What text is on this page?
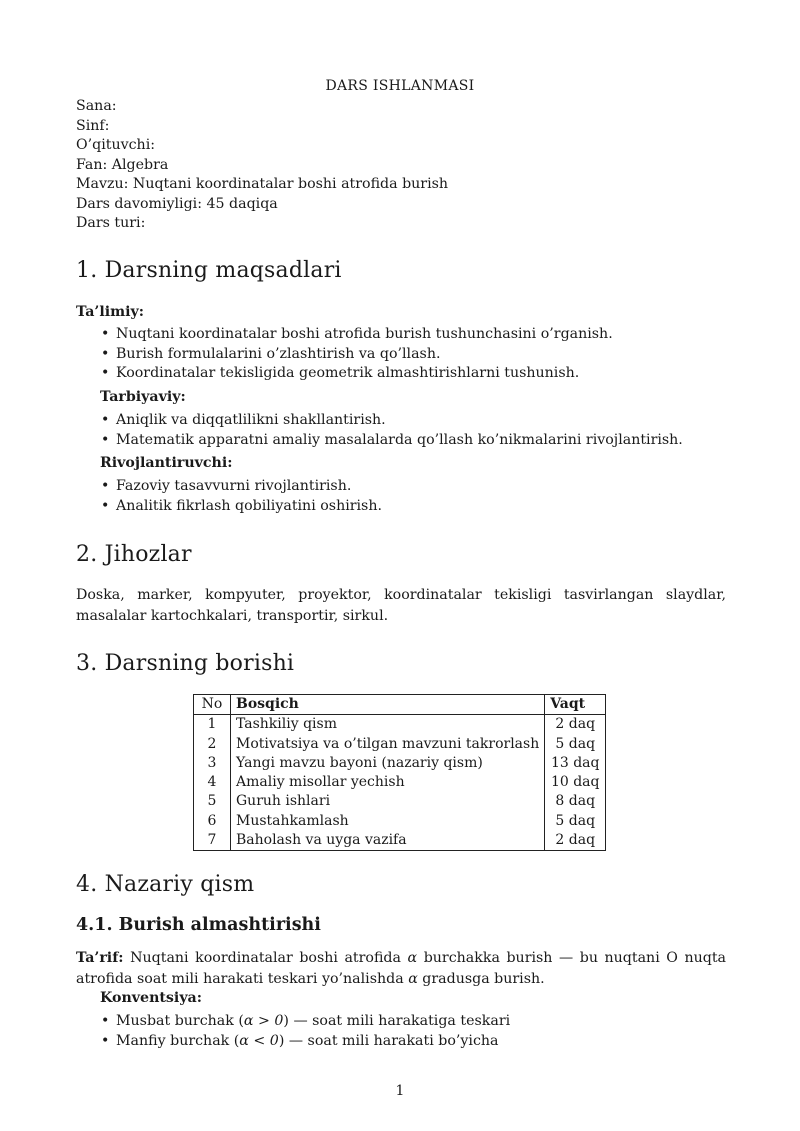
DARS ISHLANMASI
Sana:
Sinf:
O’qituvchi:
Fan: Algebra
Mavzu: Nuqtani koordinatalar boshi atrofida burish
Dars davomiyligi: 45 daqiqa
Dars turi:
1. Darsning maqsadlari
Ta’limiy:
• Nuqtani koordinatalar boshi atrofida burish tushunchasini o’rganish.
• Burish formulalarini o’zlashtirish va qo’llash.
• Koordinatalar tekisligida geometrik almashtirishlarni tushunish.
Tarbiyaviy:
• Aniqlik va diqqatlilikni shakllantirish.
• Matematik apparatni amaliy masalalarda qo’llash ko’nikmalarini rivojlantirish.
Rivojlantiruvchi:
• Fazoviy tasavvurni rivojlantirish.
• Analitik fikrlash qobiliyatini oshirish.
2. Jihozlar
Doska, marker, kompyuter, proyektor, koordinatalar tekisligi tasvirlangan slaydlar, masalalar kartochkalari, transportir, sirkul.
3. Darsning borishi
No	Bosqich	Vaqt
1	Tashkiliy qism	2 daq
2	Motivatsiya va o’tilgan mavzuni takrorlash	5 daq
3	Yangi mavzu bayoni (nazariy qism)	13 daq
4	Amaliy misollar yechish	10 daq
5	Guruh ishlari	8 daq
6	Mustahkamlash	5 daq
7	Baholash va uyga vazifa	2 daq
4. Nazariy qism
4.1. Burish almashtirishi
Ta’rif: Nuqtani koordinatalar boshi atrofida α burchakka burish — bu nuqtani O nuqta atrofida soat mili harakati teskari yo’nalishda α gradusga burish.
Konventsiya:
• Musbat burchak (α > 0) — soat mili harakatiga teskari
• Manfiy burchak (α < 0) — soat mili harakati bo’yicha
1
